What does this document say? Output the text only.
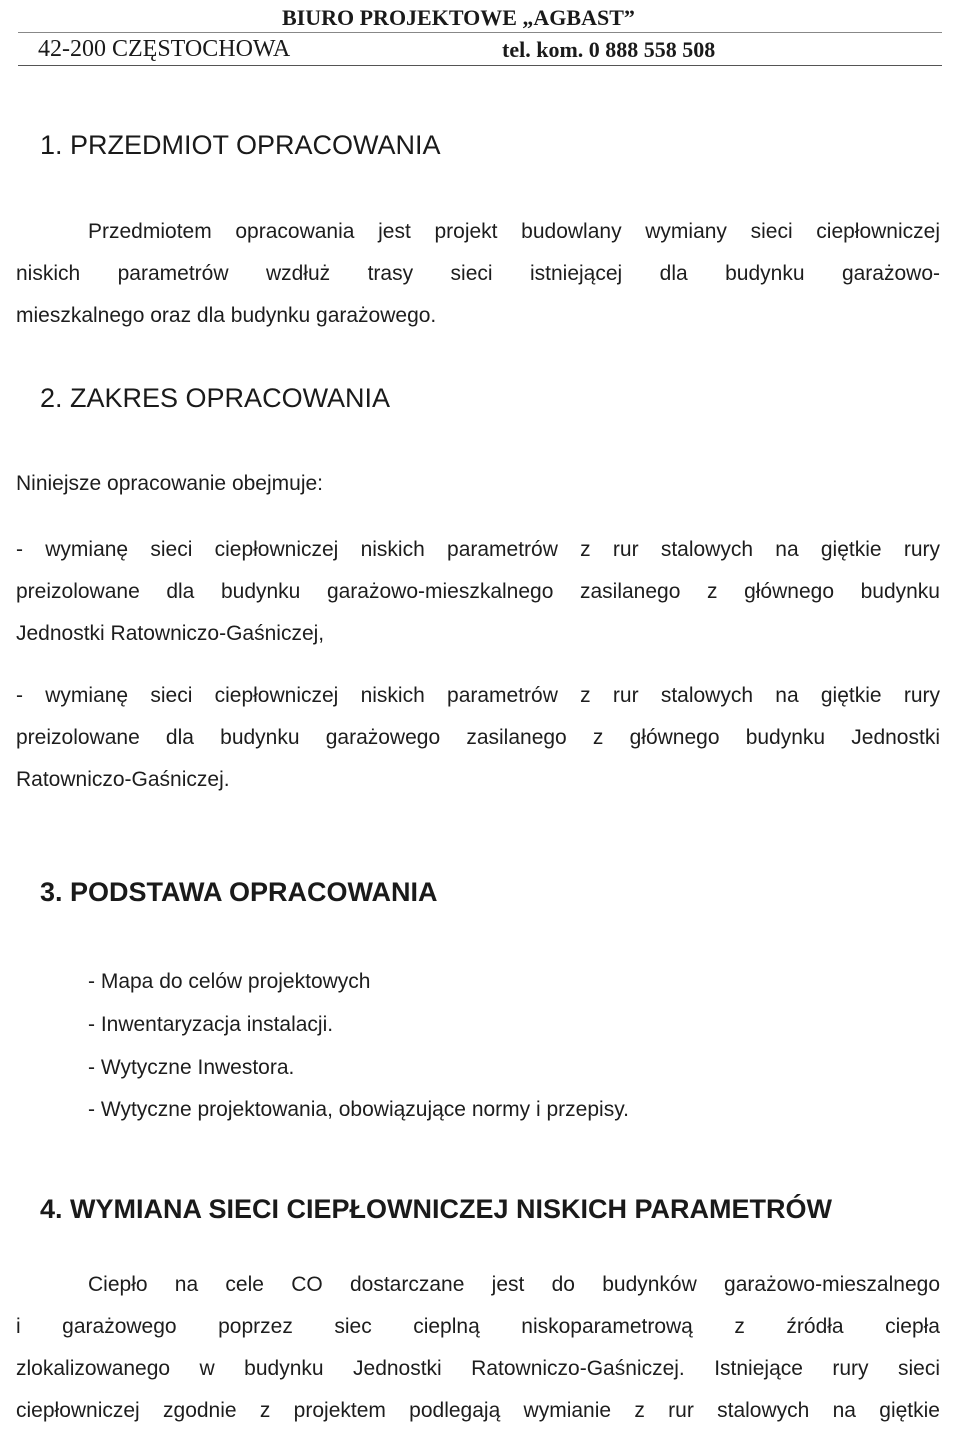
BIURO PROJEKTOWE „AGBAST”
42-200 CZĘSTOCHOWA	tel. kom. 0 888 558 508
1. PRZEDMIOT OPRACOWANIA
Przedmiotem opracowania jest projekt budowlany wymiany sieci ciepłowniczej
niskich parametrów wzdłuż trasy sieci istniejącej dla budynku garażowo-
mieszkalnego oraz dla budynku garażowego.
2. ZAKRES OPRACOWANIA
Niniejsze opracowanie obejmuje:
- wymianę sieci ciepłowniczej niskich parametrów z rur stalowych na giętkie rury
preizolowane dla budynku garażowo-mieszkalnego zasilanego z głównego budynku
Jednostki Ratowniczo-Gaśniczej,
- wymianę sieci ciepłowniczej niskich parametrów z rur stalowych na giętkie rury
preizolowane dla budynku garażowego zasilanego z głównego budynku Jednostki
Ratowniczo-Gaśniczej.
3. PODSTAWA OPRACOWANIA
- Mapa do celów projektowych
- Inwentaryzacja instalacji.
- Wytyczne Inwestora.
- Wytyczne projektowania, obowiązujące normy i przepisy.
4. WYMIANA SIECI CIEPŁOWNICZEJ NISKICH PARAMETRÓW
Ciepło na cele CO dostarczane jest do budynków garażowo-mieszalnego
i garażowego poprzez siec cieplną niskoparametrową z źródła ciepła
zlokalizowanego w budynku Jednostki Ratowniczo-Gaśniczej. Istniejące rury sieci
ciepłowniczej zgodnie z projektem podlegają wymianie z rur stalowych na giętkie
